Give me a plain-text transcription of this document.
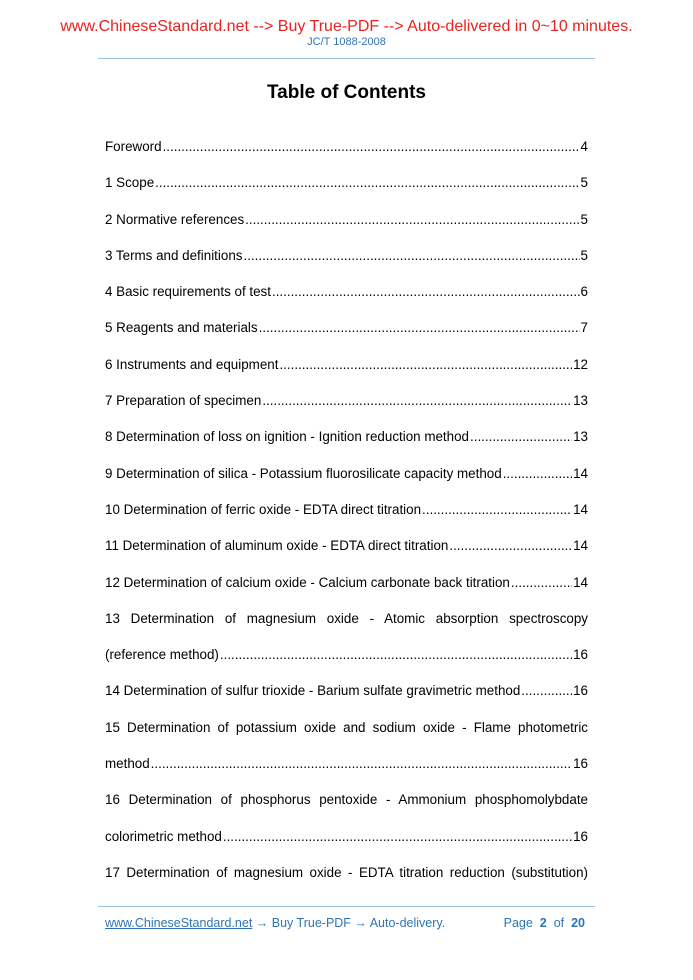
www.ChineseStandard.net --> Buy True-PDF --> Auto-delivered in 0~10 minutes.
JC/T 1088-2008
Table of Contents
Foreword .....	4
1 Scope .....	5
2 Normative references .....	5
3 Terms and definitions .....	5
4 Basic requirements of test .....	6
5 Reagents and materials .....	7
6 Instruments and equipment .....	12
7 Preparation of specimen .....	13
8 Determination of loss on ignition - Ignition reduction method .....	13
9 Determination of silica - Potassium fluorosilicate capacity method .....	14
10 Determination of ferric oxide - EDTA direct titration .....	14
11 Determination of aluminum oxide - EDTA direct titration .....	14
12 Determination of calcium oxide - Calcium carbonate back titration .....	14
13 Determination of magnesium oxide - Atomic absorption spectroscopy
(reference method) .....	16
14 Determination of sulfur trioxide - Barium sulfate gravimetric method .....	16
15 Determination of potassium oxide and sodium oxide - Flame photometric
method .....	16
16 Determination of phosphorus pentoxide - Ammonium phosphomolybdate
colorimetric method .....	16
17 Determination of magnesium oxide - EDTA titration reduction (substitution)
www.ChineseStandard.net → Buy True-PDF → Auto-delivery.	Page 2 of 20
